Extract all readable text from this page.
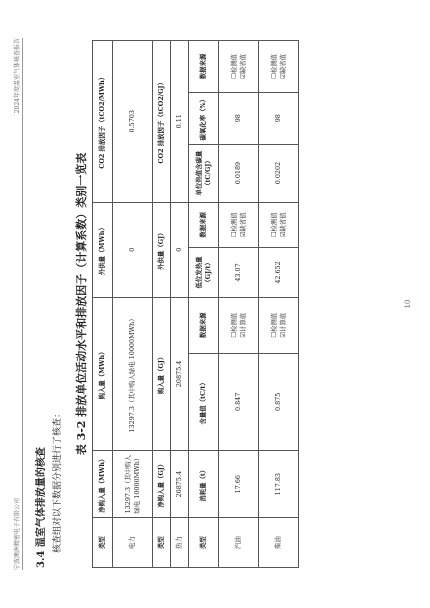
宁波澳洲精密电子有限公司
2024年度温室气体核查报告
3.4 温室气体排放量的核查 核查组对以下数据分别进行了核查：
表 3-2 排放单位活动水平和排放因子（计算系数）类别一览表
类型	净购入量（MWh）	购入量（MWh）		外供量（MWh）		CO2 排放因子（tCO2/MWh）		
电力	13297.3（其中购入绿电 10000MWh）	13297.3（其中购入绿电 10000MWh）		0		0.5703		
类型	净购入量（GJ）	购入量（GJ）		外供量（GJ）		CO2 排放因子（tCO2/GJ）		
热力	20875.4	20875.4		0		0.11		
类型	消耗量（t）	含量值（tC/t）	数据来源	低位发热量（GJ/t）	数据来源	单位热值含碳量（tC/GJ）	碳氧化率（%）	数据来源
汽油	17.66	0.847	☐检测值 ☑计算值	43.07	☐检测值 ☑缺省值	0.0189	98	☐检测值 ☑缺省值

柴油	117.83	0.875	☐检测值 ☑计算值	42.652	☐检测值 ☑缺省值	0.0202	98	☐检测值 ☑缺省值
10
